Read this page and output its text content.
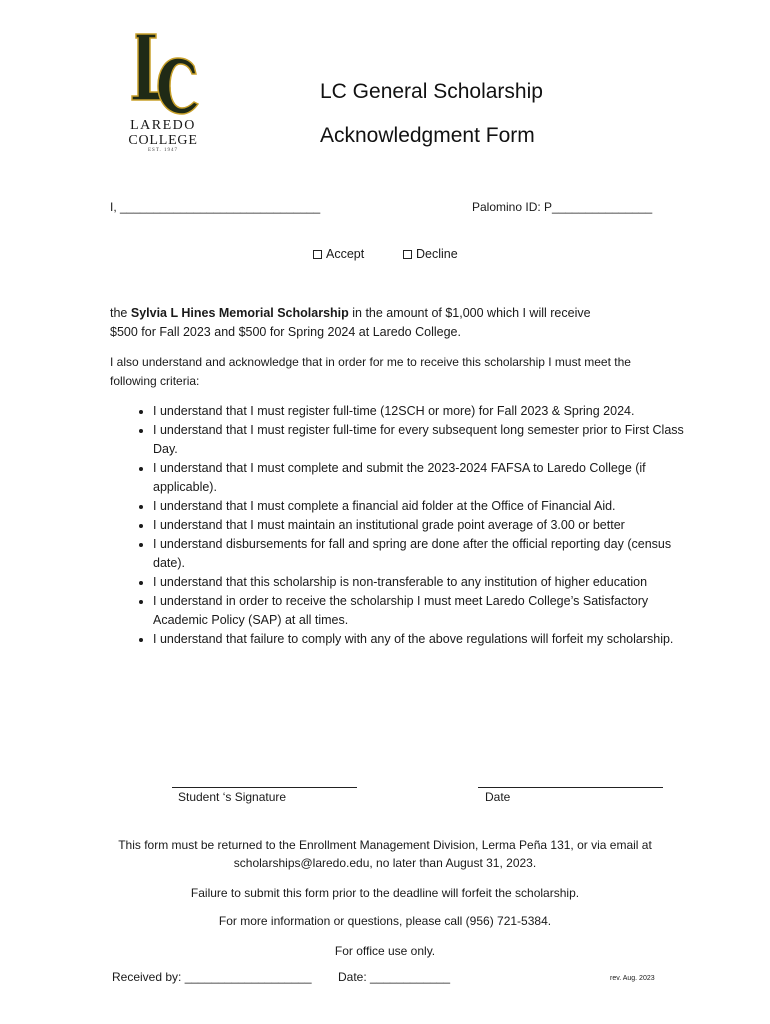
LAREDO
COLLEGE
EST. 1947
LC General Scholarship
Acknowledgment Form
I, ______________________________	Palomino ID: P_______________
Accept	Decline
the Sylvia L Hines Memorial Scholarship in the amount of $1,000 which I will receive $500 for Fall 2023 and $500 for Spring 2024 at Laredo College.
I also understand and acknowledge that in order for me to receive this scholarship I must meet the following criteria:
• I understand that I must register full-time (12SCH or more) for Fall 2023 & Spring 2024.
• I understand that I must register full-time for every subsequent long semester prior to First Class Day.
• I understand that I must complete and submit the 2023-2024 FAFSA to Laredo College (if applicable).
• I understand that I must complete a financial aid folder at the Office of Financial Aid.
• I understand that I must maintain an institutional grade point average of 3.00 or better
• I understand disbursements for fall and spring are done after the official reporting day (census date).
• I understand that this scholarship is non-transferable to any institution of higher education
• I understand in order to receive the scholarship I must meet Laredo College’s Satisfactory Academic Policy (SAP) at all times.
• I understand that failure to comply with any of the above regulations will forfeit my scholarship.
Student ‘s Signature	Date
This form must be returned to the Enrollment Management Division, Lerma Peña 131, or via email at scholarships@laredo.edu, no later than August 31, 2023.
Failure to submit this form prior to the deadline will forfeit the scholarship.
For more information or questions, please call (956) 721-5384.
For office use only.
Received by: ___________________ Date: ____________	rev. Aug. 2023
